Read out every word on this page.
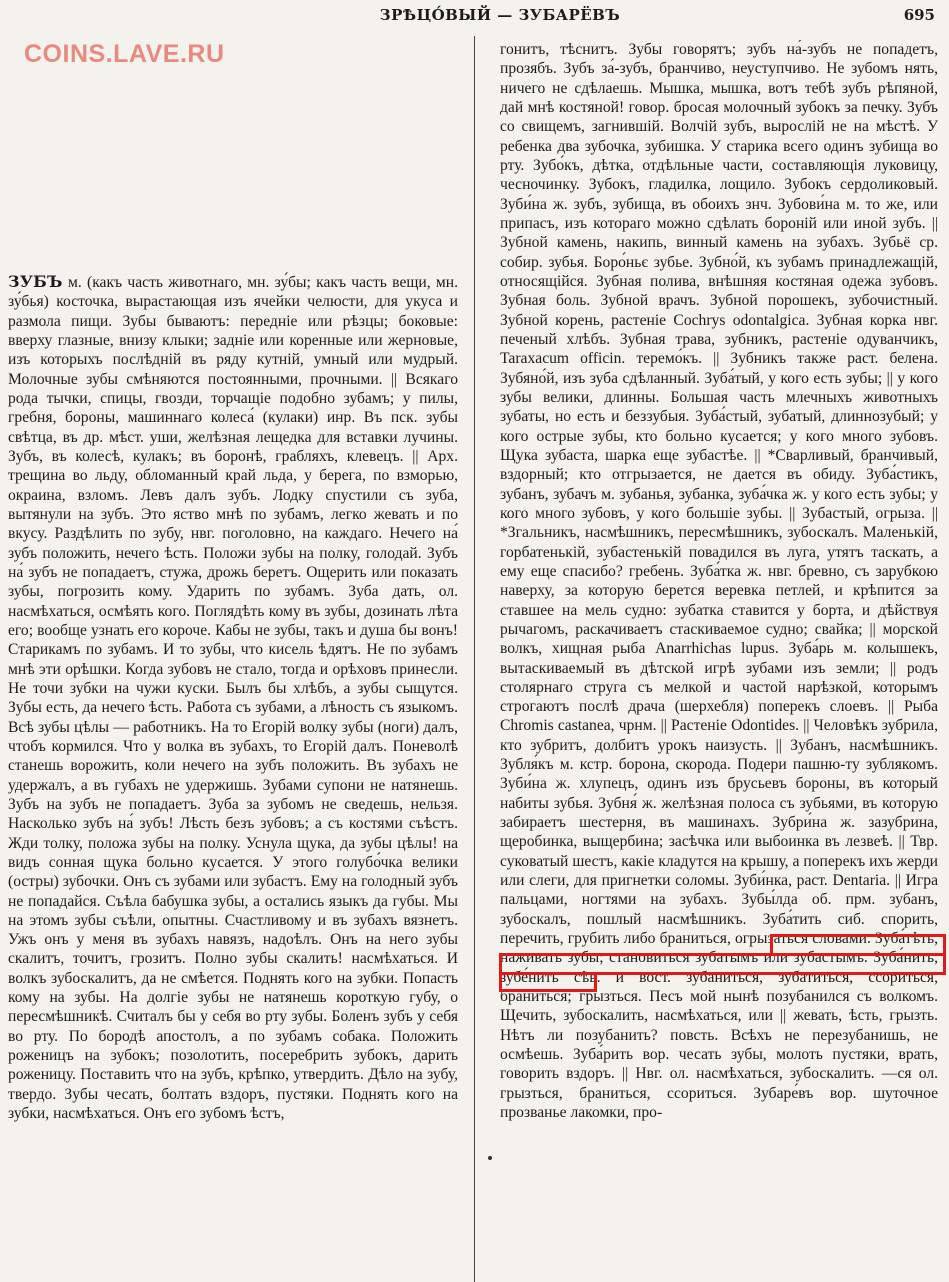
COINS.LAVE.RU
ЗРѢЦО́ВЫЙ — ЗУБАРЁВЪ	695

ЗУБЪ м. (какъ часть животнаго, мн. зу́бы; какъ часть вещи, мн. зу́бья) косточка, вырастающая изъ ячейки челюсти, для укуса и размола пищи. Зубы бываютъ: передніе или рѣзцы; боковые: вверху глазные, внизу клыки; задніе или коренные или жерновые, изъ которыхъ послѣдній въ ряду кутній, умный или мудрый. Молочные зубы смѣняются постоянными, прочными. || Всякаго рода тычки, спицы, гвозди, торчащіе подобно зубамъ; у пилы, гребня, бороны, машиннаго колеса́ (кулаки) инр. Въ пск. зубы свѣтца, въ др. мѣст. уши, желѣзная лещедка для вставки лучины. Зубъ, въ колесѣ, кулакъ; въ боронѣ, грабляхъ, клевецъ. || Арх. трещина во льду, обломанный край льда, у берега, по взморью, окраина, взломъ. Левъ далъ зубъ. Лодку спустили съ зуба, вытянули на зубъ. Это яство мнѣ по зубамъ, легко жевать и по вкусу. Раздѣлить по зубу, нвг. поголовно, на каждаго. Нечего на́ зубъ положить, нечего ѣсть. Положи зубы на полку, голодай. Зубъ на́ зубъ не попадаетъ, стужа, дрожь беретъ. Ощерить или показать зубы, погрозить кому. Ударить по зубамъ. Зуба дать, ол. насмѣхаться, осмѣять кого. Поглядѣть кому въ зубы, дозинать лѣта его; вообще узнать его короче. Кабы не зубы, такъ и душа бы вонъ! Старикамъ по зубамъ. И то зубы, что кисель ѣдятъ. Не по зубамъ мнѣ эти орѣшки. Когда зубовъ не стало, тогда и орѣховъ принесли. Не точи зубки на чужи куски. Былъ бы хлѣбъ, а зубы сыщутся. Зубы есть, да нечего ѣсть. Работа съ зубами, а лѣность съ языкомъ. Всѣ зубы цѣлы — работникъ. На то Егорій волку зубы (ноги) далъ, чтобъ кормился. Что у волка въ зубахъ, то Егорій далъ. Поневолѣ станешь ворожить, коли нечего на зубъ положить. Въ зубахъ не удержалъ, а въ губахъ не удержишь. Зубами супони не натянешь. Зубъ на зубъ не попадаетъ. Зуба за зубомъ не сведешь, нельзя. Насколько зубъ на́ зубъ! Лѣсть безъ зубовъ; а съ костями съѣстъ. Жди толку, положа зубы на полку. Уснула щука, да зубы цѣлы! на видъ сонная щука больно кусается. У этого голубо́чка велики (остры) зубочки. Онъ съ зубами или зубастъ. Ему на голодный зубъ не попадайся. Съѣла бабушка зубы, а остались языкъ да губы. Мы на этомъ зубы съѣли, опытны. Счастливому и въ зубахъ вязнетъ. Ужъ онъ у меня въ зубахъ навязъ, надоѣлъ. Онъ на него зубы скалитъ, точитъ, грозитъ. Полно зубы скалить! насмѣхаться. И волкъ зубоскалитъ, да не смѣется. Поднять кого на зубки. Попасть кому на зубы. На долгіе зубы не натянешь короткую губу, о пересмѣшникѣ. Считалъ бы у себя во рту зубы. Боленъ зубъ у себя во рту. По бородѣ апостолъ, а по зубамъ собака. Положить роженицъ на зубокъ; позолотить, посеребрить зубокъ, дарить роженицу. Поставить что на зубъ, крѣпко, утвердить. Дѣло на зубу, твердо. Зубы чесать, болтать вздоръ, пустяки. Поднять кого на зубки, насмѣхаться. Онъ его зубомъ ѣстъ,

гонитъ, тѣснитъ. Зубы говорятъ; зубъ на́-зубъ не попадетъ, прозябъ. Зубъ за́-зубъ, бранчиво, неуступчиво. Не зубомъ нять, ничего не сдѣлаешь. Мышка, мышка, вотъ тебѣ зубъ рѣпяной, дай мнѣ костяной! говор. бросая молочный зубокъ за печку. Зубъ со свищемъ, загнившій. Волчій зубъ, вырослій не на мѣстѣ. У ребенка два зубочка, зубишка. У старика всего одинъ зубища во рту. Зубо́къ, дѣтка, отдѣльные части, составляющія луковицу, чесночинку. Зубокъ, гладилка, лощило. Зубокъ сердоликовый. Зуби́на ж. зубъ, зубища, въ обоихъ знч. Зубови́на м. то же, или припасъ, изъ котораго можно сдѣлать бороній или иной зубъ. || Зубной камень, накипь, винный камень на зубахъ. Зубьё ср. собир. зубья. Боро́ньє зубье. Зубно́й, къ зубамъ принадлежащій, относящійся. Зубная полива, внѣшняя костяная одежа зубовъ. Зубная боль. Зубной врачъ. Зубной порошекъ, зубочистный. Зубной корень, растеніе Cochrys odontalgica. Зубная корка нвг. печеный хлѣбъ. Зубная трава, зубникъ, растеніе одуванчикъ, Taraxacum officin. теремо́къ. || Зубникъ также раст. белена. Зубяно́й, изъ зуба сдѣланный. Зуба́тый, у кого есть зубы; || у кого зубы велики, длинны. Большая часть млечныхъ животныхъ зубаты, но есть и беззубыя. Зуба́стый, зубатый, длиннозубый; у кого острые зубы, кто больно кусается; у кого много зубовъ. Щука зубаста, шарка еще зубастѣе. || *Сварливый, бранчивый, вздорный; кто отгрызается, не дается въ обиду. Зуба́стикъ, зубанъ, зубачъ м. зубанья, зубанка, зуба́чка ж. у кого есть зубы; у кого много зубовъ, у кого большіе зубы. || Зубастый, огрыза. || *Згальникъ, насмѣшникъ, пересмѣшникъ, зубоскалъ. Маленькій, горбатенькій, зубастенькій повадился въ луга, утятъ таскать, а ему еще спасибо? гребень. Зуба́тка ж. нвг. бревно, съ зарубкою наверху, за которую берется веревка петлей, и крѣпится за ставшее на мель судно: зубатка ставится у борта, и дѣйствуя рычагомъ, раскачиваетъ стаскиваемое судно; свайка; || морской волкъ, хищная рыба Anarrhichas lupus. Зуба́рь м. колышекъ, вытаскиваемый въ дѣтской игрѣ зубами изъ земли; || родъ столярнаго струга съ мелкой и частой нарѣзкой, которымъ строгаютъ послѣ драча (шерхебля) поперекъ слоевъ. || Рыба Chromis castanea, чрнм. || Растеніе Odontides. || Человѣкъ зубрила, кто зубритъ, долбитъ урокъ наизусть. || Зубанъ, насмѣшникъ. Зубля́къ м. кстр. борона, скорода. Подери пашню-ту зублякомъ. Зуби́на ж. хлупецъ, одинъ изъ брусьевъ бороны, въ который набиты зубья. Зубня́ ж. желѣзная полоса съ зубьями, въ которую забираетъ шестерня, въ машинахъ. Зубри́на ж. зазубрина, щеробинка, выщербина; засѣчка или выбоинка въ лезвеѣ. || Твр. суковатый шестъ, какіе кладутся на крышу, а поперекъ ихъ жерди или слеги, для пригнетки соломы. Зуби́нка, раст. Dentaria. || Игра пальцами, ногтями на зубахъ. Зубы́лда об. прм. зубанъ, зубоскалъ, пошлый насмѣшникъ. Зуба́тить сиб. спорить, перечить, грубить либо браниться, огрызаться словами. Зуба́тѣть, наживать зубы; становиться зубатымъ или зубастымъ. Зуба́нить, зубе́нить сѣв. и вост. зубаниться, зубатиться, ссориться, браниться; грызться. Песъ мой нынѣ позубанился съ волкомъ. Щечить, зубоскалить, насмѣхаться, или || жевать, ѣсть, грызть. Нѣтъ ли позубанить? повсть. Всѣхъ не перезубанишь, не осмѣешь. Зуба́рить вор. чесать зубы, молоть пустяки, врать, говорить вздоръ. || Нвг. ол. насмѣхаться, зубоскалить. —ся ол. грызться, браниться, ссориться. Зубаре́въ вор. шуточное прозванье лакомки, про-
